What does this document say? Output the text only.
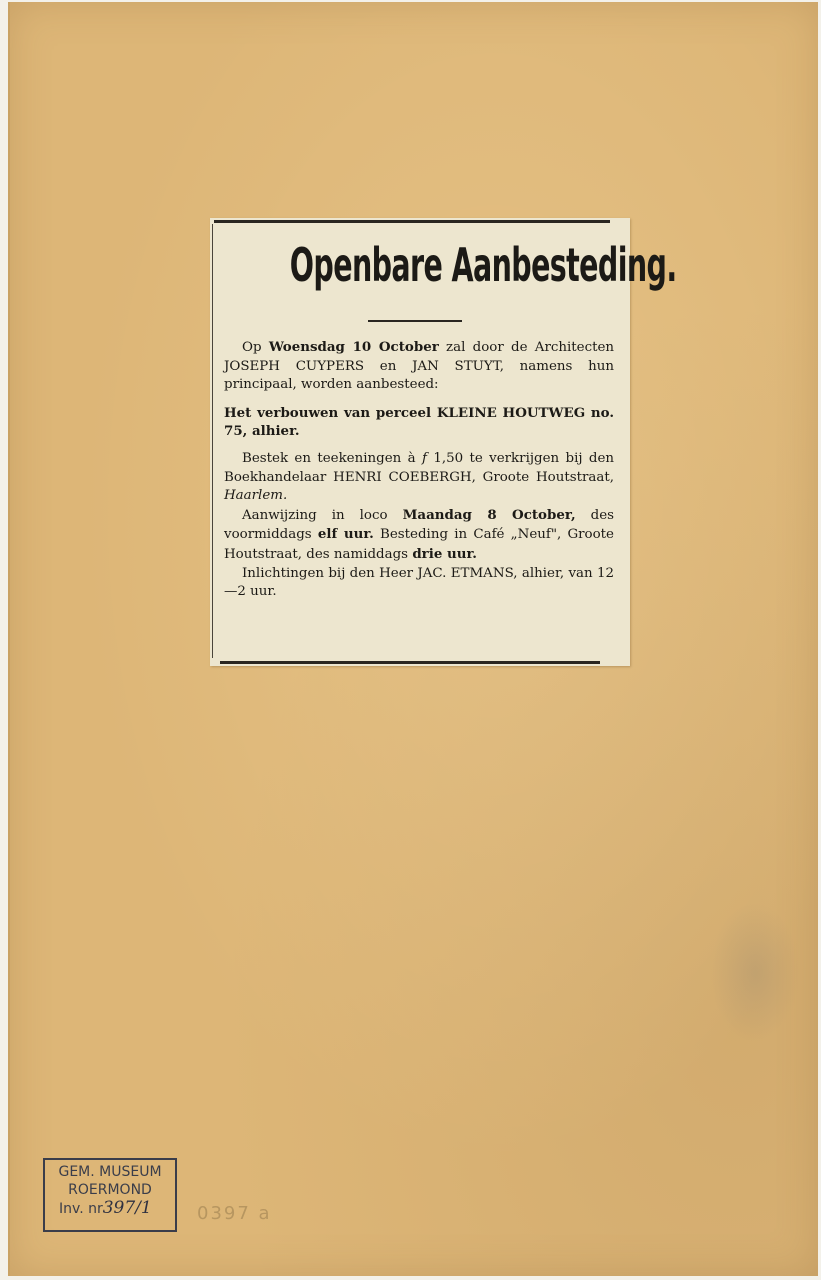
Openbare Aanbesteding.

Op Woensdag 10 October zal door de Architecten JOSEPH CUYPERS en JAN STUYT, namens hun principaal, worden aanbesteed:

Het verbouwen van perceel KLEINE HOUTWEG no. 75, alhier.

Bestek en teekeningen à f 1,50 te verkrijgen bij den Boekhandelaar HENRI COEBERGH, Groote Houtstraat, Haarlem.

Aanwijzing in loco Maandag 8 October, des voormiddags elf uur. Besteding in Café „Neuf", Groote Houtstraat, des namiddags drie uur.

Inlichtingen bij den Heer JAC. ETMANS, alhier, van 12—2 uur.

GEM. MUSEUM
ROERMOND
Inv. nr397/1	0397 a
